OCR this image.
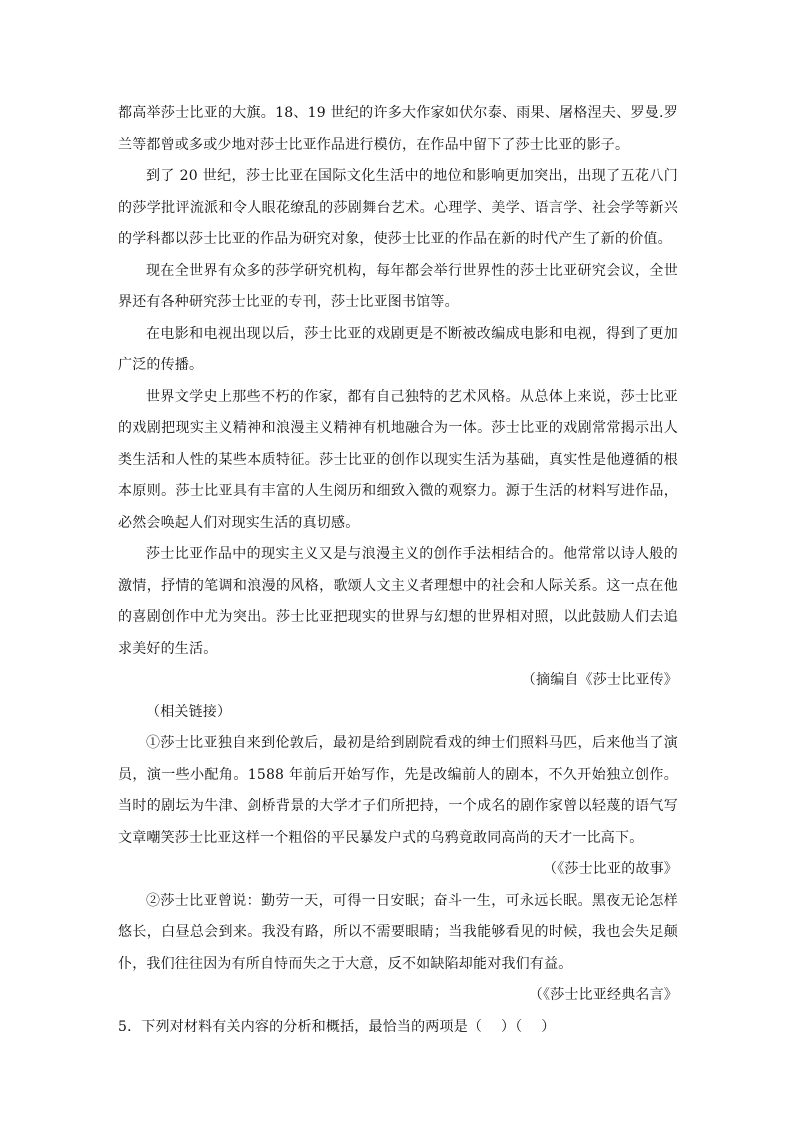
都高举莎士比亚的大旗。18、19 世纪的许多大作家如伏尔泰、雨果、屠格涅夫、罗曼.罗兰等都曾或多或少地对莎士比亚作品进行模仿，在作品中留下了莎士比亚的影子。

到了 20 世纪，莎士比亚在国际文化生活中的地位和影响更加突出，出现了五花八门的莎学批评流派和令人眼花缭乱的莎剧舞台艺术。心理学、美学、语言学、社会学等新兴的学科都以莎士比亚的作品为研究对象，使莎士比亚的作品在新的时代产生了新的价值。

现在全世界有众多的莎学研究机构，每年都会举行世界性的莎士比亚研究会议，全世界还有各种研究莎士比亚的专刊，莎士比亚图书馆等。

在电影和电视出现以后，莎士比亚的戏剧更是不断被改编成电影和电视，得到了更加广泛的传播。

世界文学史上那些不朽的作家，都有自己独特的艺术风格。从总体上来说，莎士比亚的戏剧把现实主义精神和浪漫主义精神有机地融合为一体。莎士比亚的戏剧常常揭示出人类生活和人性的某些本质特征。莎士比亚的创作以现实生活为基础，真实性是他遵循的根本原则。莎士比亚具有丰富的人生阅历和细致入微的观察力。源于生活的材料写进作品，必然会唤起人们对现实生活的真切感。

莎士比亚作品中的现实主义又是与浪漫主义的创作手法相结合的。他常常以诗人般的激情，抒情的笔调和浪漫的风格，歌颂人文主义者理想中的社会和人际关系。这一点在他的喜剧创作中尤为突出。莎士比亚把现实的世界与幻想的世界相对照，以此鼓励人们去追求美好的生活。

（摘编自《莎士比亚传》

（相关链接）

①莎士比亚独自来到伦敦后，最初是给到剧院看戏的绅士们照料马匹，后来他当了演员，演一些小配角。1588 年前后开始写作，先是改编前人的剧本，不久开始独立创作。当时的剧坛为牛津、剑桥背景的大学才子们所把持，一个成名的剧作家曾以轻蔑的语气写文章嘲笑莎士比亚这样一个粗俗的平民暴发户式的乌鸦竟敢同高尚的天才一比高下。

（《莎士比亚的故事》

②莎士比亚曾说：勤劳一天，可得一日安眠；奋斗一生，可永远长眠。黑夜无论怎样悠长，白昼总会到来。我没有路，所以不需要眼睛；当我能够看见的时候，我也会失足颠仆，我们往往因为有所自恃而失之于大意，反不如缺陷却能对我们有益。

（《莎士比亚经典名言》

5．下列对材料有关内容的分析和概括，最恰当的两项是（　 ）（　 ）
